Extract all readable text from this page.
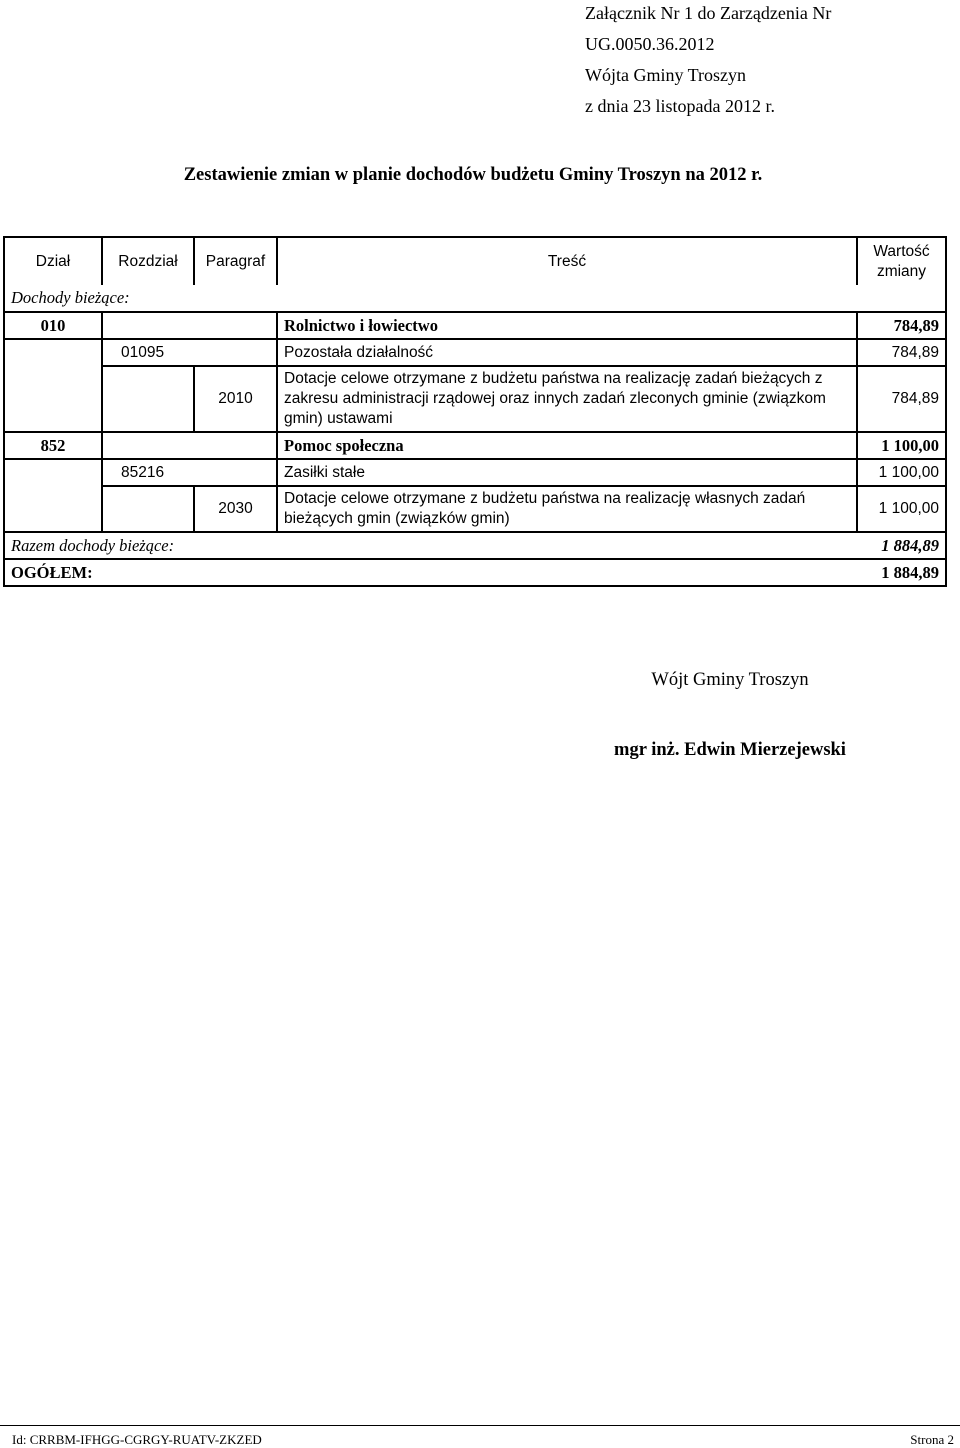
Załącznik Nr 1 do Zarządzenia Nr
UG.0050.36.2012
Wójta Gminy Troszyn
z dnia 23 listopada 2012 r.
Zestawienie zmian w planie dochodów budżetu Gminy Troszyn na 2012 r.
Dział	Rozdział	Paragraf	Treść	Wartość
zmiany

Dochody bieżące:				
010			Rolnictwo i łowiectwo	784,89
	01095		Pozostała działalność	784,89
		2010	Dotacje celowe otrzymane z budżetu państwa na realizację zadań bieżących z zakresu administracji rządowej oraz innych zadań zleconych gminie (związkom gmin) ustawami	784,89
852			Pomoc społeczna	1 100,00
	85216		Zasiłki stałe	1 100,00
		2030	Dotacje celowe otrzymane z budżetu państwa na realizację własnych zadań bieżących gmin (związków gmin)	1 100,00
Razem dochody bieżące:				1 884,89
OGÓŁEM:				1 884,89
Wójt Gminy Troszyn
mgr inż. Edwin Mierzejewski
Id: CRRBM-IFHGG-CGRGY-RUATV-ZKZED	Strona 2
